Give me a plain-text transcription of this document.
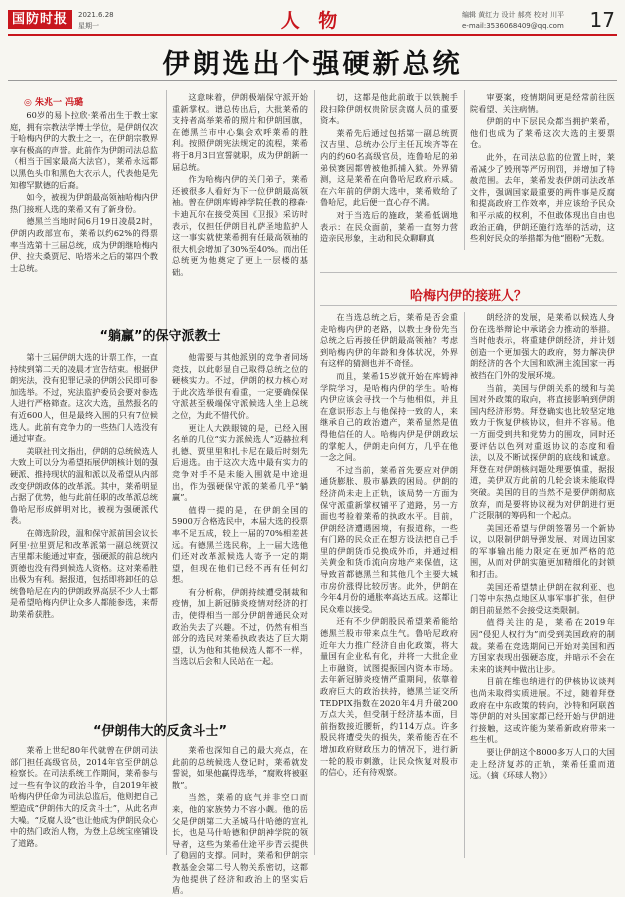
国防时报	2021.6.28
星期一	人 物	编辑 黄红力 设计 郝亮 校对 川平
e-mail:3536068409@qq.com 17
伊朗选出个强硬新总统
◎ 朱兆一 冯璐

60岁的易卜拉欣·莱希出生于教士家庭，拥有宗教法学博士学位，是伊朗仅次于哈梅内伊的大教士之一，在伊朗宗教界享有极高的声誉。此前作为伊朗司法总监（相当于国家最高大法官），莱希永远都以黑色头巾和黑色大衣示人，代表他是先知穆罕默德的后裔。

如今，被视为伊朗最高领袖哈梅内伊热门接班人选的莱希又有了新身份。

德黑兰当地时间6月19日凌晨2时，伊朗内政部宣布，莱希以约62%的得票率当选第十三届总统，成为伊朗继哈梅内伊、拉夫桑贾尼、哈塔米之后的第四个教士总统。

这意味着，伊朗极端保守派开始重新掌权。谱总传出后，大批莱希的支持者高举莱希的照片和伊朗国旗，在德黑兰市中心集会欢呼莱希的胜利。按照伊朗宪法规定的流程，莱希将于8月3日宣誓就职，成为伊朗新一届总统。

作为哈梅内伊的关门弟子，莱希还被很多人看好为下一位伊朗最高领袖。曾在伊朗库姆神学院任教的穆森·卡迪瓦尔在接受英国《卫报》采访时表示，仅担任伊朗目礼萨圣地监护人这一事实就使莱希拥有任最高领袖的很大机会增加了30%至40%。而出任总统更为他奠定了更上一层楼的基础。

切，这都是他此前敢于以铁腕手段扫除伊朗权贵阶层贪腐人员的重要资本。

莱希先后通过包括第一副总统贾汉吉里、总统办公厅主任瓦埃齐等在内的约60名高级官员，连鲁哈尼的弟弟侯赛因都曾被他抓捕入狱。外界猜测，这是莱希在向鲁哈尼政府示威。在六年前的伊朗大选中，莱希败给了鲁哈尼，此后便一直心存不满。

对于当选后的施政，莱希低调地表示：在民众面前，莱希一直努力营造亲民形象，主动和民众聊聊真

审要案，疫情期间更是经常前往医院看望、关注病情。

伊朗的中下层民众都当拥护莱希，他们也成为了莱希这次大选的主要票仓。

此外，在司法总监的位置上时，莱希减少了毁刑等严厉刑罚，并增加了特赦范围。去年，莱希发表伊朗司法改革文件，强调国家最重要的两件事是反腐和提高政府工作效率，并应该给予民众和平示威的权利，不但敢体现出自由也政治正确，伊朗还施行选举的活动，这些利好民众的举措都为他“圈粉”无数。

“躺赢”的保守派教士
哈梅内伊的接班人？

第十三届伊朗大选的计票工作，一直持续到第二天的凌晨才宣告结束。根据伊朗宪法，没有犯罪记录的伊朗公民即可参加选举。不过，宪法监护委员会要对参选人进行严格筛查。这次大选，虽然报名的有近600人，但是最终入围的只有7位候选人。此前有竞争力的一些热门人选没有通过审查。

美联社刊文指出，伊朗的总统候选人大致上可以分为希望拓展伊朗核计划的强硬派、推持现状的温和派以及希望从内部改变伊朗政体的改革派。其中，莱希明显占据了优势，他与此前任职的改革派总统鲁哈尼形成鲜明对比，被视为强硬派代表。

在筛选阶段，温和保守派前国会议长阿里·拉里贾尼和改革派第一副总统贾汉吉里都未能通过审查，强硬派的前总统内贾德也没有得到候选人资格。这对莱希胜出极为有利。据报道，包括即将卸任的总统鲁哈尼在内的伊朗政界高层不少人士都是希望哈梅内伊让众多人都能参选，来帮助莱希获胜。

他需要与其他派别的竞争者同场竞技，以此彰显自己取得总统之位的硬核实力。不过，伊朗的权力核心对于此次选举很有看重，一定要确保保守派甚至极端保守派候选人坐上总统之位，为此不惜代价。

更让人大跌眼镜的是，已经入围名单的几位“实力派候选人”迈赫拉利扎德、贾里里和扎卡尼在最后时刻先后退选。由于这次大选中最有实力的竞争对手不是未能入围就是中途退出，作为强硬保守派的莱希几乎“躺赢”。

值得一提的是，在伊朗全国的5900万合格选民中，本届大选的投票率不足五成，较上一届的70%相差甚远。有德黑兰选民称，上一届大选他们还对改革派候选人寄予一定的期望，但现在他们已经不再有任何幻想。

有分析称，伊朗持续遭受制裁和疫情，加上新冠肺炎疫情对经济的打击，使得相当一部分伊朗普通民众对政治失去了兴趣。不过，仍然有相当部分的选民对莱希执政表达了巨大期望，认为他和其他候选人都不一样，当选以后会和人民站在一起。

在当选总统之后，莱希是否会重走哈梅内伊的老路，以教士身份先当总统之后再接任伊朗最高领袖？考虑到哈梅内伊的年龄和身体状况，外界有这样的猜测也并不奇怪。

而且，莱希15岁就开始在库姆神学院学习，是哈梅内伊的学生。哈梅内伊应该会寻找一个与他相似，并且在意识形态上与他保持一致的人，来继承自己的政治遗产，莱希显然是值得他信任的人。哈梅内伊是伊朗政坛的掌舵人，伊朗走向何方，几乎在他一念之间。

不过当前，莱希首先要应对伊朗通货膨胀、股市暴跌的困局。伊朗的经济尚未走上正轨，该局势一方面为保守派重新掌权铺平了道路，另一方面也考验着莱希的执政水平。目前，伊朗经济遭遇困境，有报道称，一些有门路的民众正在想方设法把自己手里的伊朗货币兑换成外币，并通过相关黄金和货币流向房地产来保值，这导致首都德黑兰和其他几个主要大城市房价涨得比较厉害。此外，伊朗在今年4月份的通胀率高达五成。这都让民众难以接受。

还有不少伊朗股民希望莱希能给德黑兰股市带来点生气。鲁哈尼政府近年大力推广经济自由化政策，将大量国有企业私有化，并将一大批企业上市融资，试图提振国内资本市场。去年新冠肺炎疫情严重期间，依靠着政府巨大的政治扶持，德黑兰证交所TEDPIX指数在2020年4月升破200万点大关，但受制于经济基本面，目前指数接近腰斩，约114万点。许多股民将遭受失的损失，莱希能否在不增加政府财政压力的情况下，进行新一轮的股市刺激，让民众恢复对股市的信心，还有待观察。

朗经济的发展，是莱希以候选人身份在选举辩论中承诺会力推动的举措。当时他表示，将重建伊朗经济，并计划创造一个更加强大的政府，努力解决伊朗经济的各个大国和欧洲主流国家一再被挡在门外的发展环境。

当前，美国与伊朗关系的缓和与美国对外政策的取向，将直接影响到伊朗国内经济形势。拜登确实也比较坚定地致力于恢复伊核协议，但并不容易。他一方面受到共和党势力的围攻，同时还要评估以色列对重返协议的态度和看法，以及不断试探伊朗的底线和诚意。拜登在对伊朗核问题处理要慎重，据报道，美伊双方此前的几轮会谈未能取得突破。美国的目的当然不是要伊朗彻底放弃，而是要将协议视为对伊朗进行更广泛限制的筹码和一个起点。

美国还希望与伊朗签署另一个新协议，以限制伊朗导弹发展、对周边国家的军事输出能力限定在更加严格的范围，从而对伊朗实施更加精细化的封锁和打击。

美国还希望禁止伊朗在叙利亚、也门等中东热点地区从事军事扩张，但伊朗目前显然不会接受这类限制。

值得关注的是，莱希在2019年因“侵犯人权行为”而受到美国政府的制裁。莱希在竞选期间已开始对美国和西方国家表现出强硬态度，并暗示不会在未来的谈判中做出让步。

目前在维也纳进行的伊核协议谈判也尚未取得实质进展。不过，随着拜登政府在中东政策的转向，沙特和阿联酋等伊朗的对头国家都已经开始与伊朗进行接触，这或许能为莱希新政府带来一些生机。

要让伊朗这个8000多万人口的大国走上经济复苏的正轨，莱希任重而道远。（摘《环球人物》）

“伊朗伟大的反贪斗士”

莱希上世纪80年代就曾在伊朗司法部门担任高级官员，2014年官至伊朗总检察长。在司法系统工作期间，莱希参与过一些有争议的政治斗争，自2019年被哈梅内伊任命为司法总监后，他则把自己塑造成“伊朗伟大的反贪斗士”，从此名声大噪。“反腐人设”也让他成为伊朗民众心中的热门政治人物，为登上总统宝座铺设了道路。

莱希也深知自己的最大亮点，在此前的总统候选人登记时，莱希就发誓说，如果他赢得选举，“腐败将被驱散”。

当然，莱希的底气并非空口而来，他的家族势力不容小觑。他的岳父是伊朗第二大圣城马什哈德的宣礼长，也是马什哈德和伊朗神学院的领导者，这些为莱希仕途平步青云提供了稳固的支撑。同时，莱希和伊朗宗教基金会第二号人物关系密切，这都为他提供了经济和政治上的坚实后盾。
